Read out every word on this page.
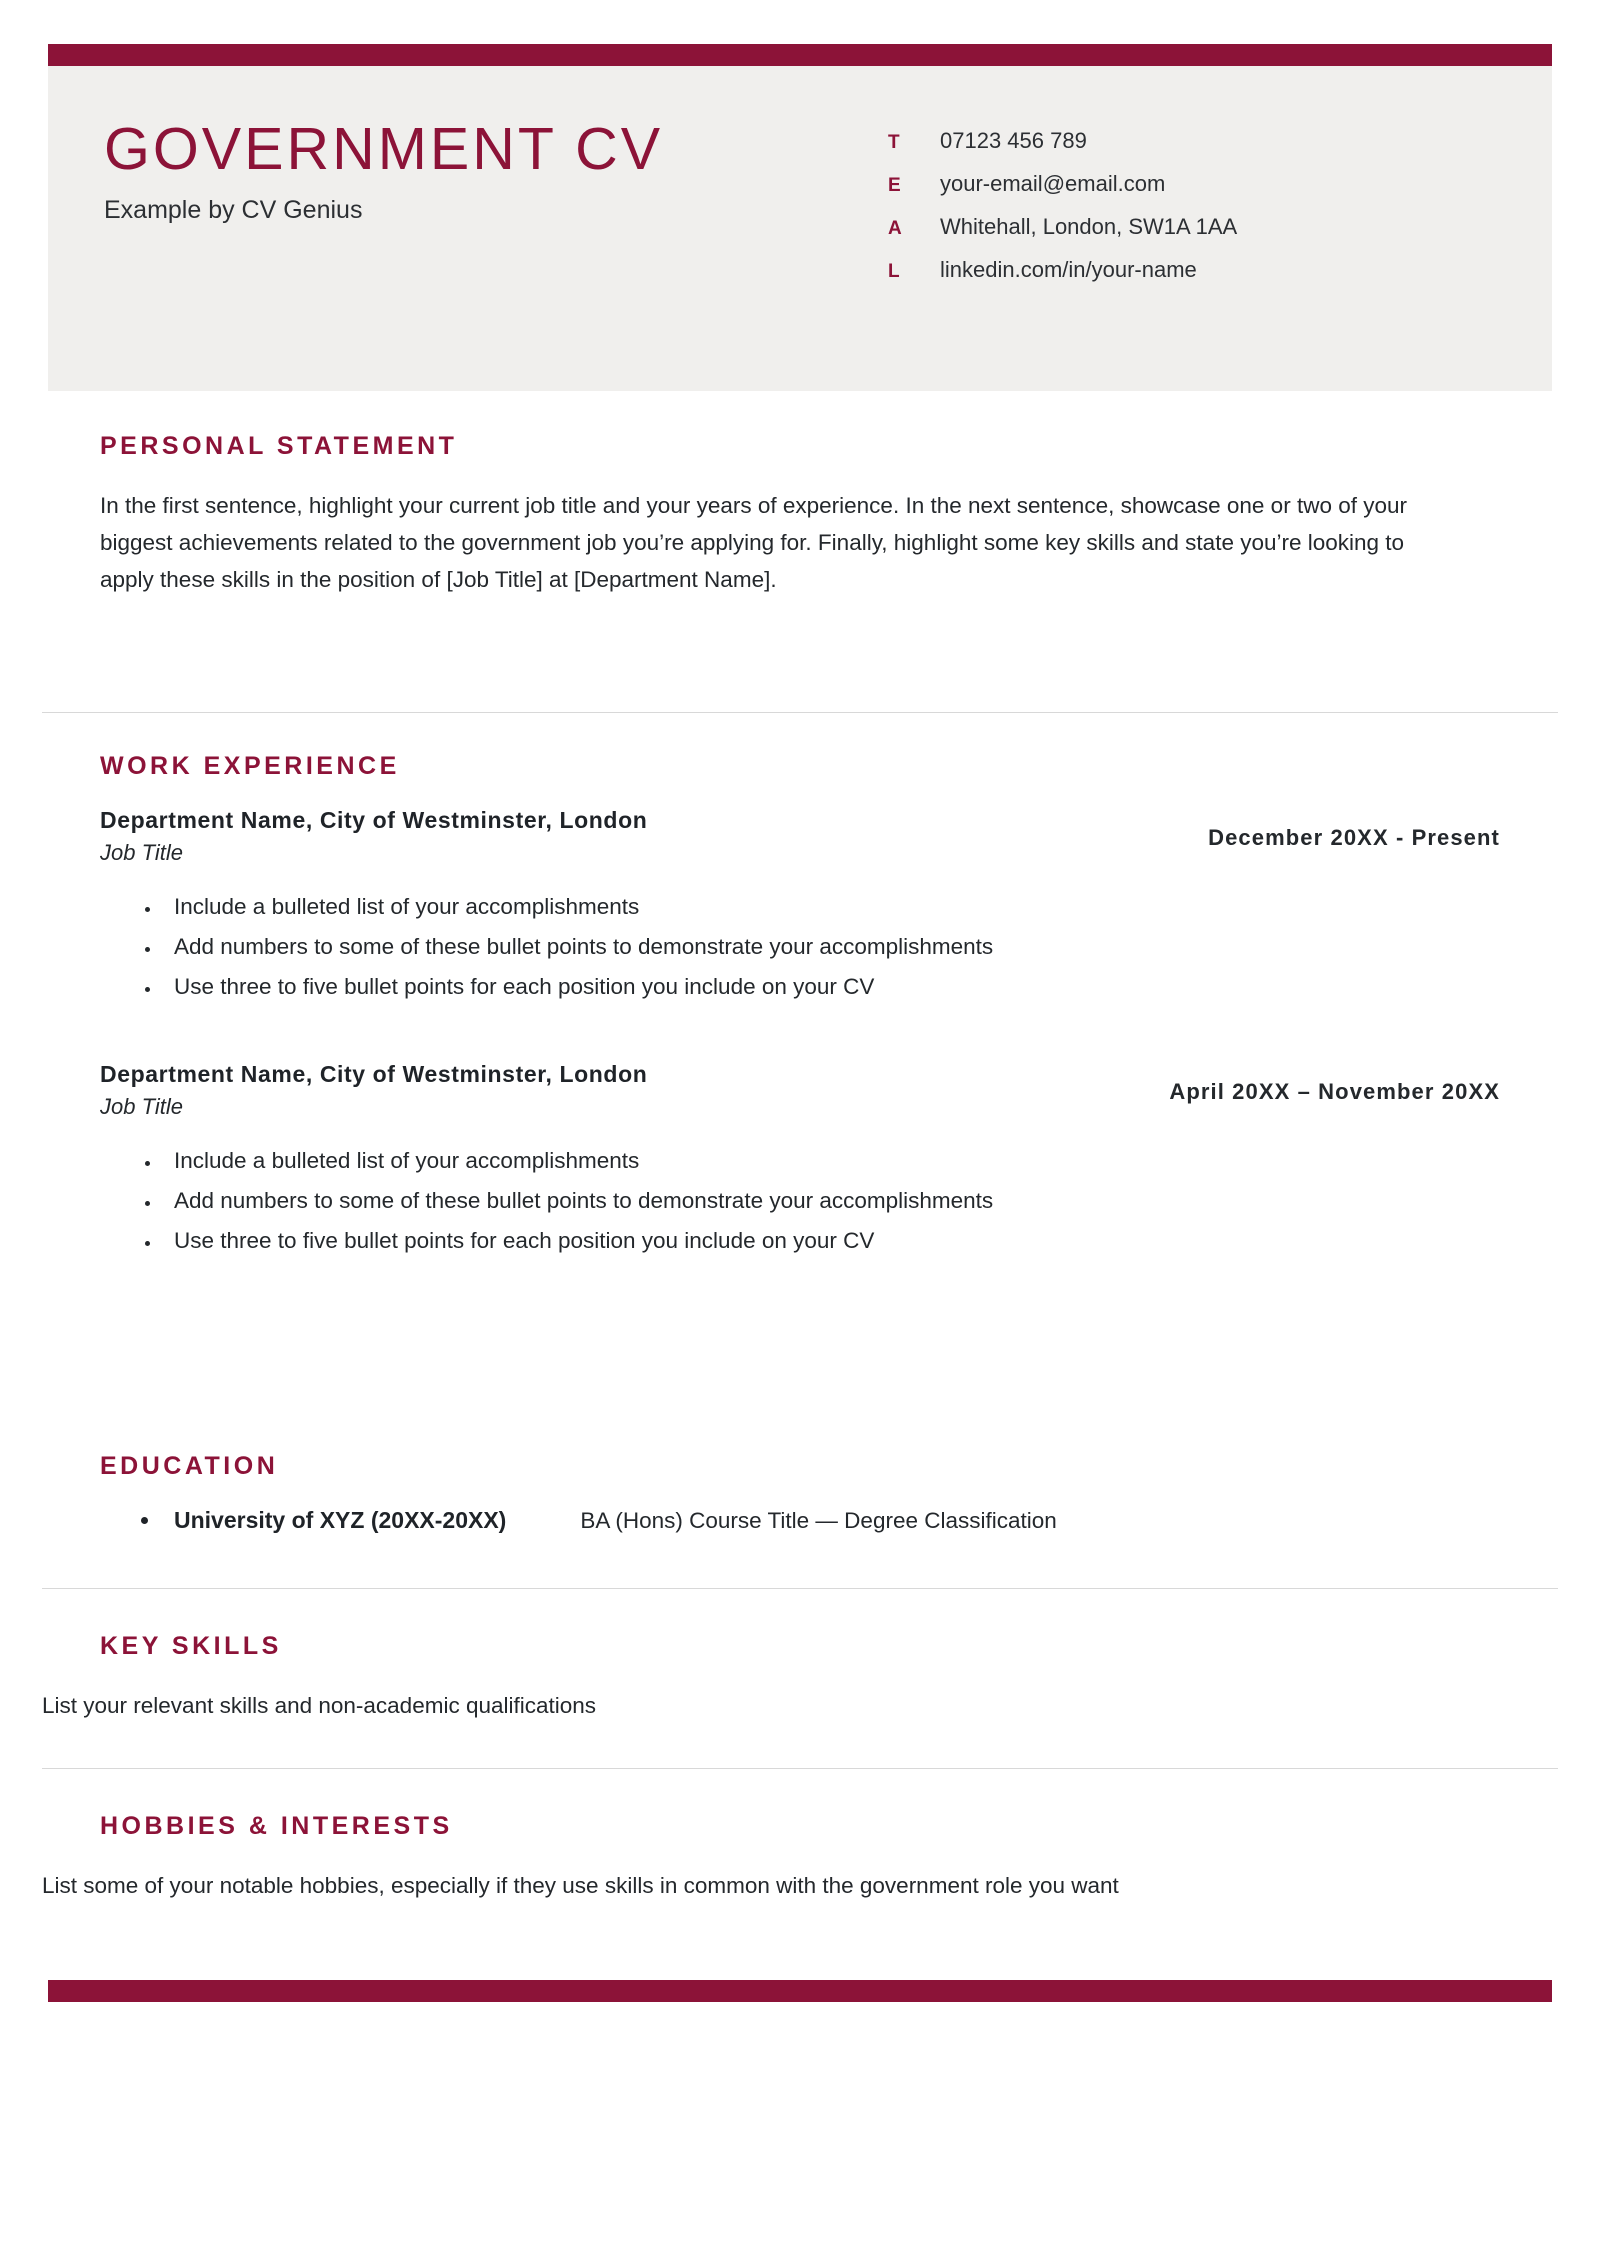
GOVERNMENT CV
Example by CV Genius
T	07123 456 789
E	your-email@email.com
A	Whitehall, London, SW1A 1AA
L	linkedin.com/in/your-name
PERSONAL STATEMENT
In the first sentence, highlight your current job title and your years of experience. In the next sentence, showcase one or two of your biggest achievements related to the government job you’re applying for. Finally, highlight some key skills and state you’re looking to apply these skills in the position of [Job Title] at [Department Name].
WORK EXPERIENCE
Department Name, City of Westminster, London
Job Title
December 20XX - Present
• Include a bulleted list of your accomplishments
• Add numbers to some of these bullet points to demonstrate your accomplishments
• Use three to five bullet points for each position you include on your CV
Department Name, City of Westminster, London
Job Title
April 20XX – November 20XX
• Include a bulleted list of your accomplishments
• Add numbers to some of these bullet points to demonstrate your accomplishments
• Use three to five bullet points for each position you include on your CV
EDUCATION
• University of XYZ (20XX-20XX)	BA (Hons) Course Title — Degree Classification
KEY SKILLS
List your relevant skills and non-academic qualifications
HOBBIES & INTERESTS
List some of your notable hobbies, especially if they use skills in common with the government role you want
